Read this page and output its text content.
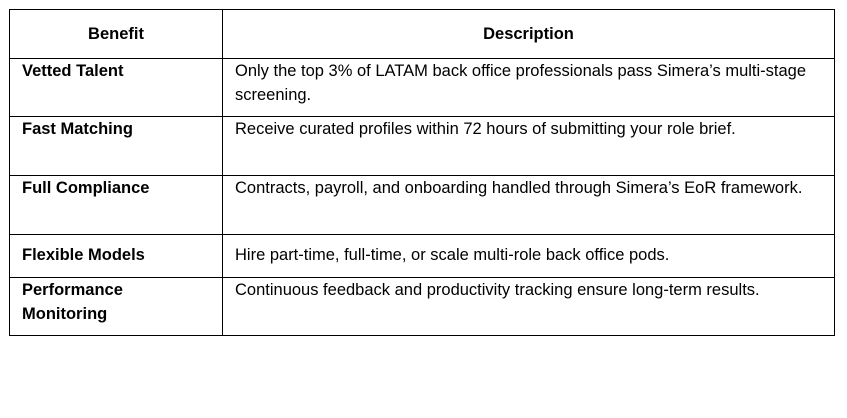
Benefit	Description
Vetted Talent	Only the top 3% of LATAM back office professionals pass Simera’s multi-stage screening.
Fast Matching	Receive curated profiles within 72 hours of submitting your role brief.
Full Compliance	Contracts, payroll, and onboarding handled through Simera’s EoR framework.
Flexible Models	Hire part-time, full-time, or scale multi-role back office pods.
Performance Monitoring	Continuous feedback and productivity tracking ensure long-term results.
